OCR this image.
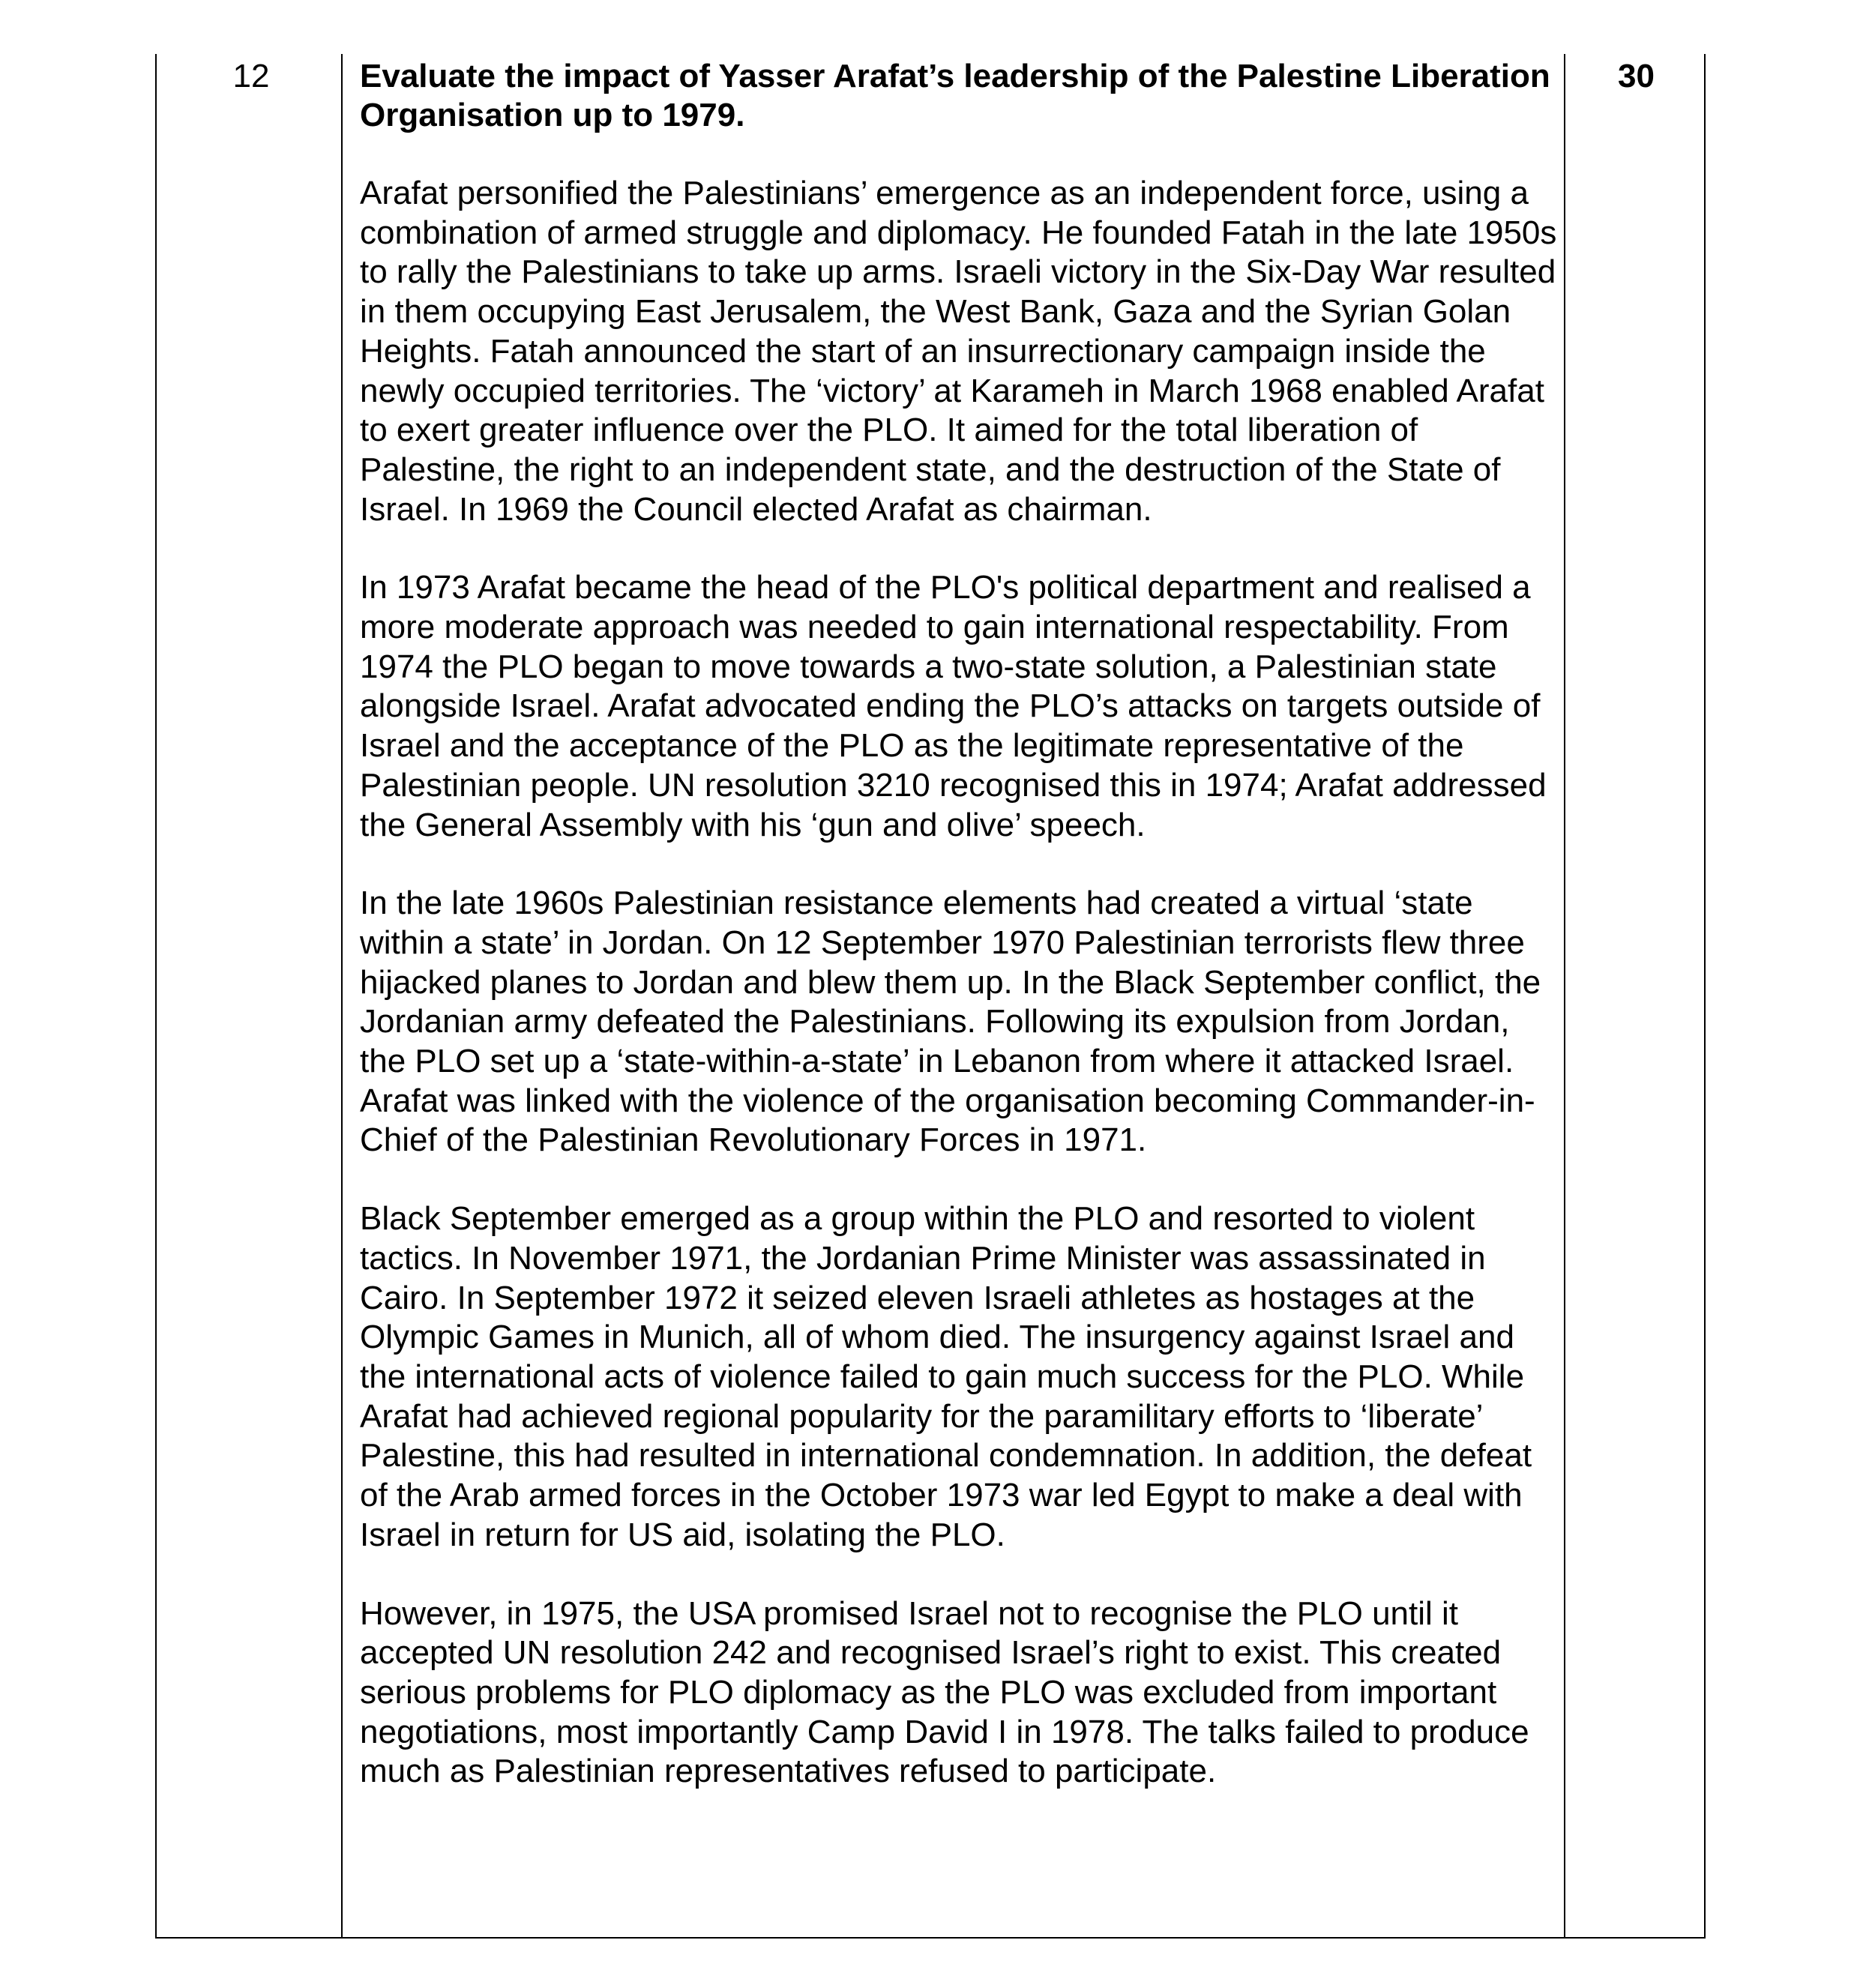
12	Evaluate the impact of Yasser Arafat’s leadership of the Palestine Liberation Organisation up to 1979.

Arafat personified the Palestinians’ emergence as an independent force, using a combination of armed struggle and diplomacy. He founded Fatah in the late 1950s to rally the Palestinians to take up arms. Israeli victory in the Six-Day War resulted in them occupying East Jerusalem, the West Bank, Gaza and the Syrian Golan Heights. Fatah announced the start of an insurrectionary campaign inside the newly occupied territories. The ‘victory’ at Karameh in March 1968 enabled Arafat to exert greater influence over the PLO. It aimed for the total liberation of Palestine, the right to an independent state, and the destruction of the State of Israel. In 1969 the Council elected Arafat as chairman.

In 1973 Arafat became the head of the PLO's political department and realised a more moderate approach was needed to gain international respectability. From 1974 the PLO began to move towards a two-state solution, a Palestinian state alongside Israel. Arafat advocated ending the PLO’s attacks on targets outside of Israel and the acceptance of the PLO as the legitimate representative of the Palestinian people. UN resolution 3210 recognised this in 1974; Arafat addressed the General Assembly with his ‘gun and olive’ speech.

In the late 1960s Palestinian resistance elements had created a virtual ‘state within a state’ in Jordan. On 12 September 1970 Palestinian terrorists flew three hijacked planes to Jordan and blew them up. In the Black September conflict, the Jordanian army defeated the Palestinians. Following its expulsion from Jordan, the PLO set up a ‘state-within-a-state’ in Lebanon from where it attacked Israel. Arafat was linked with the violence of the organisation becoming Commander-in-Chief of the Palestinian Revolutionary Forces in 1971.

Black September emerged as a group within the PLO and resorted to violent tactics. In November 1971, the Jordanian Prime Minister was assassinated in Cairo. In September 1972 it seized eleven Israeli athletes as hostages at the Olympic Games in Munich, all of whom died. The insurgency against Israel and the international acts of violence failed to gain much success for the PLO. While Arafat had achieved regional popularity for the paramilitary efforts to ‘liberate’ Palestine, this had resulted in international condemnation. In addition, the defeat of the Arab armed forces in the October 1973 war led Egypt to make a deal with Israel in return for US aid, isolating the PLO.

However, in 1975, the USA promised Israel not to recognise the PLO until it accepted UN resolution 242 and recognised Israel’s right to exist. This created serious problems for PLO diplomacy as the PLO was excluded from important negotiations, most importantly Camp David I in 1978. The talks failed to produce much as Palestinian representatives refused to participate.

30
